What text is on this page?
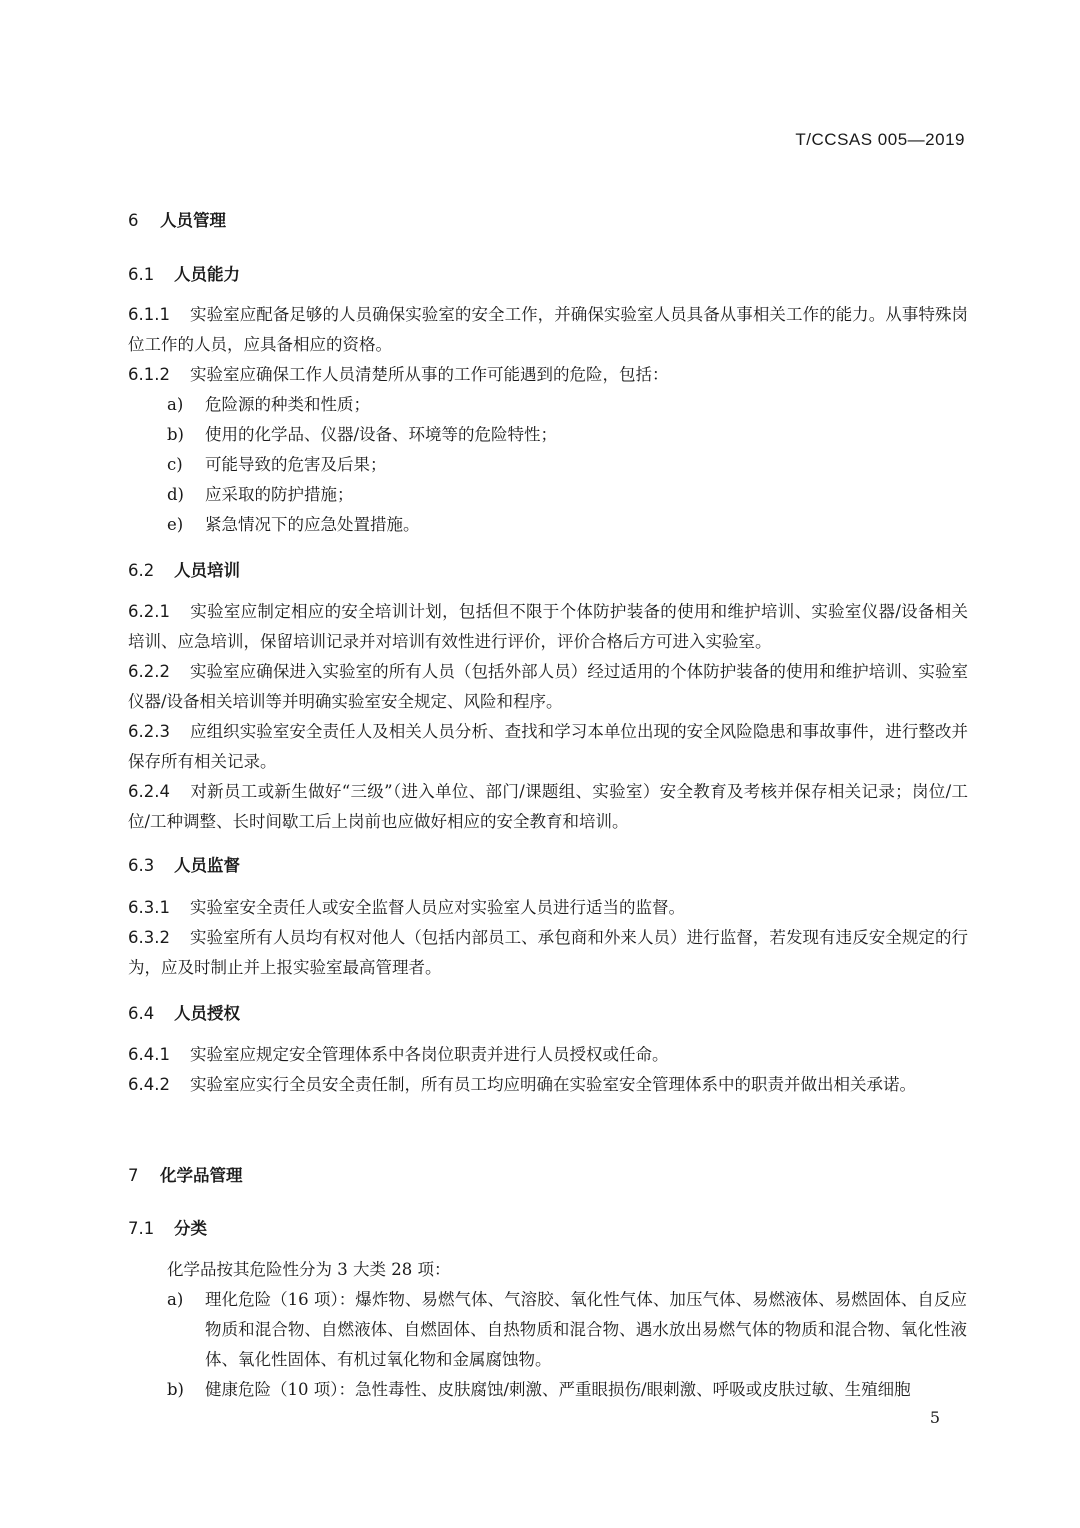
T/CCSAS 005—2019
6 人员管理
6.1 人员能力
6.1.1 实验室应配备足够的人员确保实验室的安全工作，并确保实验室人员具备从事相关工作的能力。从事特殊岗位工作的人员，应具备相应的资格。
6.1.2 实验室应确保工作人员清楚所从事的工作可能遇到的危险，包括：
a) 危险源的种类和性质；
b) 使用的化学品、仪器/设备、环境等的危险特性；
c) 可能导致的危害及后果；
d) 应采取的防护措施；
e) 紧急情况下的应急处置措施。
6.2 人员培训
6.2.1 实验室应制定相应的安全培训计划，包括但不限于个体防护装备的使用和维护培训、实验室仪器/设备相关培训、应急培训，保留培训记录并对培训有效性进行评价，评价合格后方可进入实验室。
6.2.2 实验室应确保进入实验室的所有人员（包括外部人员）经过适用的个体防护装备的使用和维护培训、实验室仪器/设备相关培训等并明确实验室安全规定、风险和程序。
6.2.3 应组织实验室安全责任人及相关人员分析、查找和学习本单位出现的安全风险隐患和事故事件，进行整改并保存所有相关记录。
6.2.4 对新员工或新生做好“三级”（进入单位、部门/课题组、实验室）安全教育及考核并保存相关记录；岗位/工位/工种调整、长时间歇工后上岗前也应做好相应的安全教育和培训。
6.3 人员监督
6.3.1 实验室安全责任人或安全监督人员应对实验室人员进行适当的监督。
6.3.2 实验室所有人员均有权对他人（包括内部员工、承包商和外来人员）进行监督，若发现有违反安全规定的行为，应及时制止并上报实验室最高管理者。
6.4 人员授权
6.4.1 实验室应规定安全管理体系中各岗位职责并进行人员授权或任命。
6.4.2 实验室应实行全员安全责任制，所有员工均应明确在实验室安全管理体系中的职责并做出相关承诺。
7 化学品管理
7.1 分类
化学品按其危险性分为 3 大类 28 项：
a) 理化危险（16 项）：爆炸物、易燃气体、气溶胶、氧化性气体、加压气体、易燃液体、易燃固体、自反应物质和混合物、自燃液体、自燃固体、自热物质和混合物、遇水放出易燃气体的物质和混合物、氧化性液体、氧化性固体、有机过氧化物和金属腐蚀物。
b) 健康危险（10 项）：急性毒性、皮肤腐蚀/刺激、严重眼损伤/眼刺激、呼吸或皮肤过敏、生殖细胞
5
